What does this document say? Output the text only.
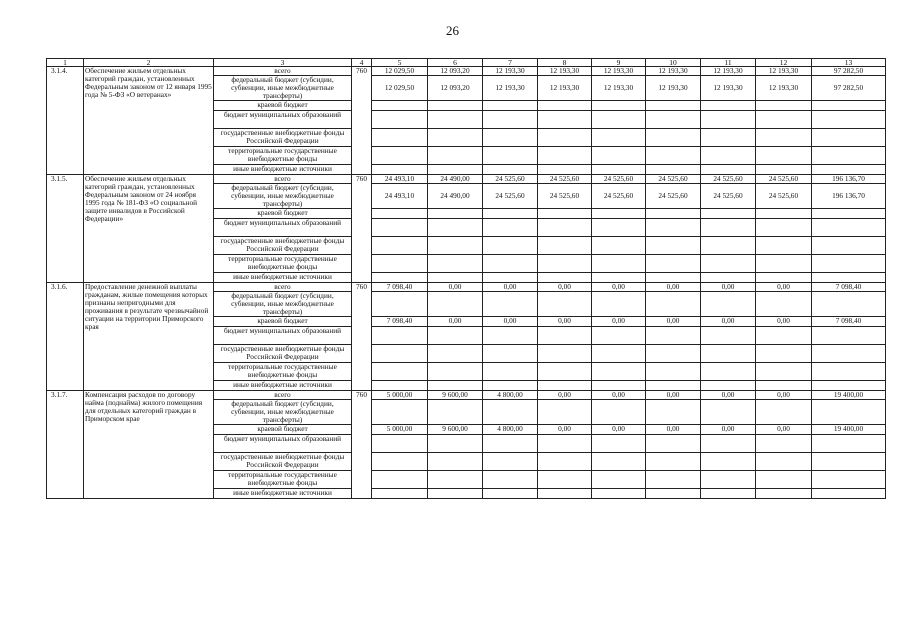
26
1	2	3	4	5	6	7	8	9	10	11	12	13
3.1.4.	Обеспечение жильем отдельных категорий граждан, установленных Федеральным законом от 12 января 1995 года № 5-ФЗ «О ветеранах»	всего	760	12 029,50	12 093,20	12 193,30	12 193,30	12 193,30	12 193,30	12 193,30	12 193,30	97 282,50
		федеральный бюджет (субсидии, субвенции, иные межбюджетные трансферты)		12 029,50	12 093,20	12 193,30	12 193,30	12 193,30	12 193,30	12 193,30	12 193,30	97 282,50
		краевой бюджет										
		бюджет муниципальных образований										
		государственные внебюджетные фонды Российской Федерации										
		территориальные государственные внебюджетные фонды										
		иные внебюджетные источники										
3.1.5.	Обеспечение жильем отдельных категорий граждан, установленных Федеральным законом от 24 ноября 1995 года № 181-ФЗ «О социальной защите инвалидов в Российской Федерации»	всего	760	24 493,10	24 490,00	24 525,60	24 525,60	24 525,60	24 525,60	24 525,60	24 525,60	196 136,70
		федеральный бюджет (субсидии, субвенции, иные межбюджетные трансферты)		24 493,10	24 490,00	24 525,60	24 525,60	24 525,60	24 525,60	24 525,60	24 525,60	196 136,70
		краевой бюджет										
		бюджет муниципальных образований										
		государственные внебюджетные фонды Российской Федерации										
		территориальные государственные внебюджетные фонды										
		иные внебюджетные источники										
3.1.6.	Предоставление денежной выплаты гражданам, жилые помещения которых признаны непригодными для проживания в результате чрезвычайной ситуации на территории Приморского края	всего	760	7 098,40	0,00	0,00	0,00	0,00	0,00	0,00	0,00	7 098,40
		федеральный бюджет (субсидии, субвенции, иные межбюджетные трансферты)										
		краевой бюджет		7 098,40	0,00	0,00	0,00	0,00	0,00	0,00	0,00	7 098,40
		бюджет муниципальных образований										
		государственные внебюджетные фонды Российской Федерации										
		территориальные государственные внебюджетные фонды										
		иные внебюджетные источники										
3.1.7.	Компенсация расходов по договору найма (поднайма) жилого помещения для отдельных категорий граждан в Приморском крае	всего	760	5 000,00	9 600,00	4 800,00	0,00	0,00	0,00	0,00	0,00	19 400,00
		федеральный бюджет (субсидии, субвенции, иные межбюджетные трансферты)										
		краевой бюджет		5 000,00	9 600,00	4 800,00	0,00	0,00	0,00	0,00	0,00	19 400,00
		бюджет муниципальных образований										
		государственные внебюджетные фонды Российской Федерации										
		территориальные государственные внебюджетные фонды										
		иные внебюджетные источники										
